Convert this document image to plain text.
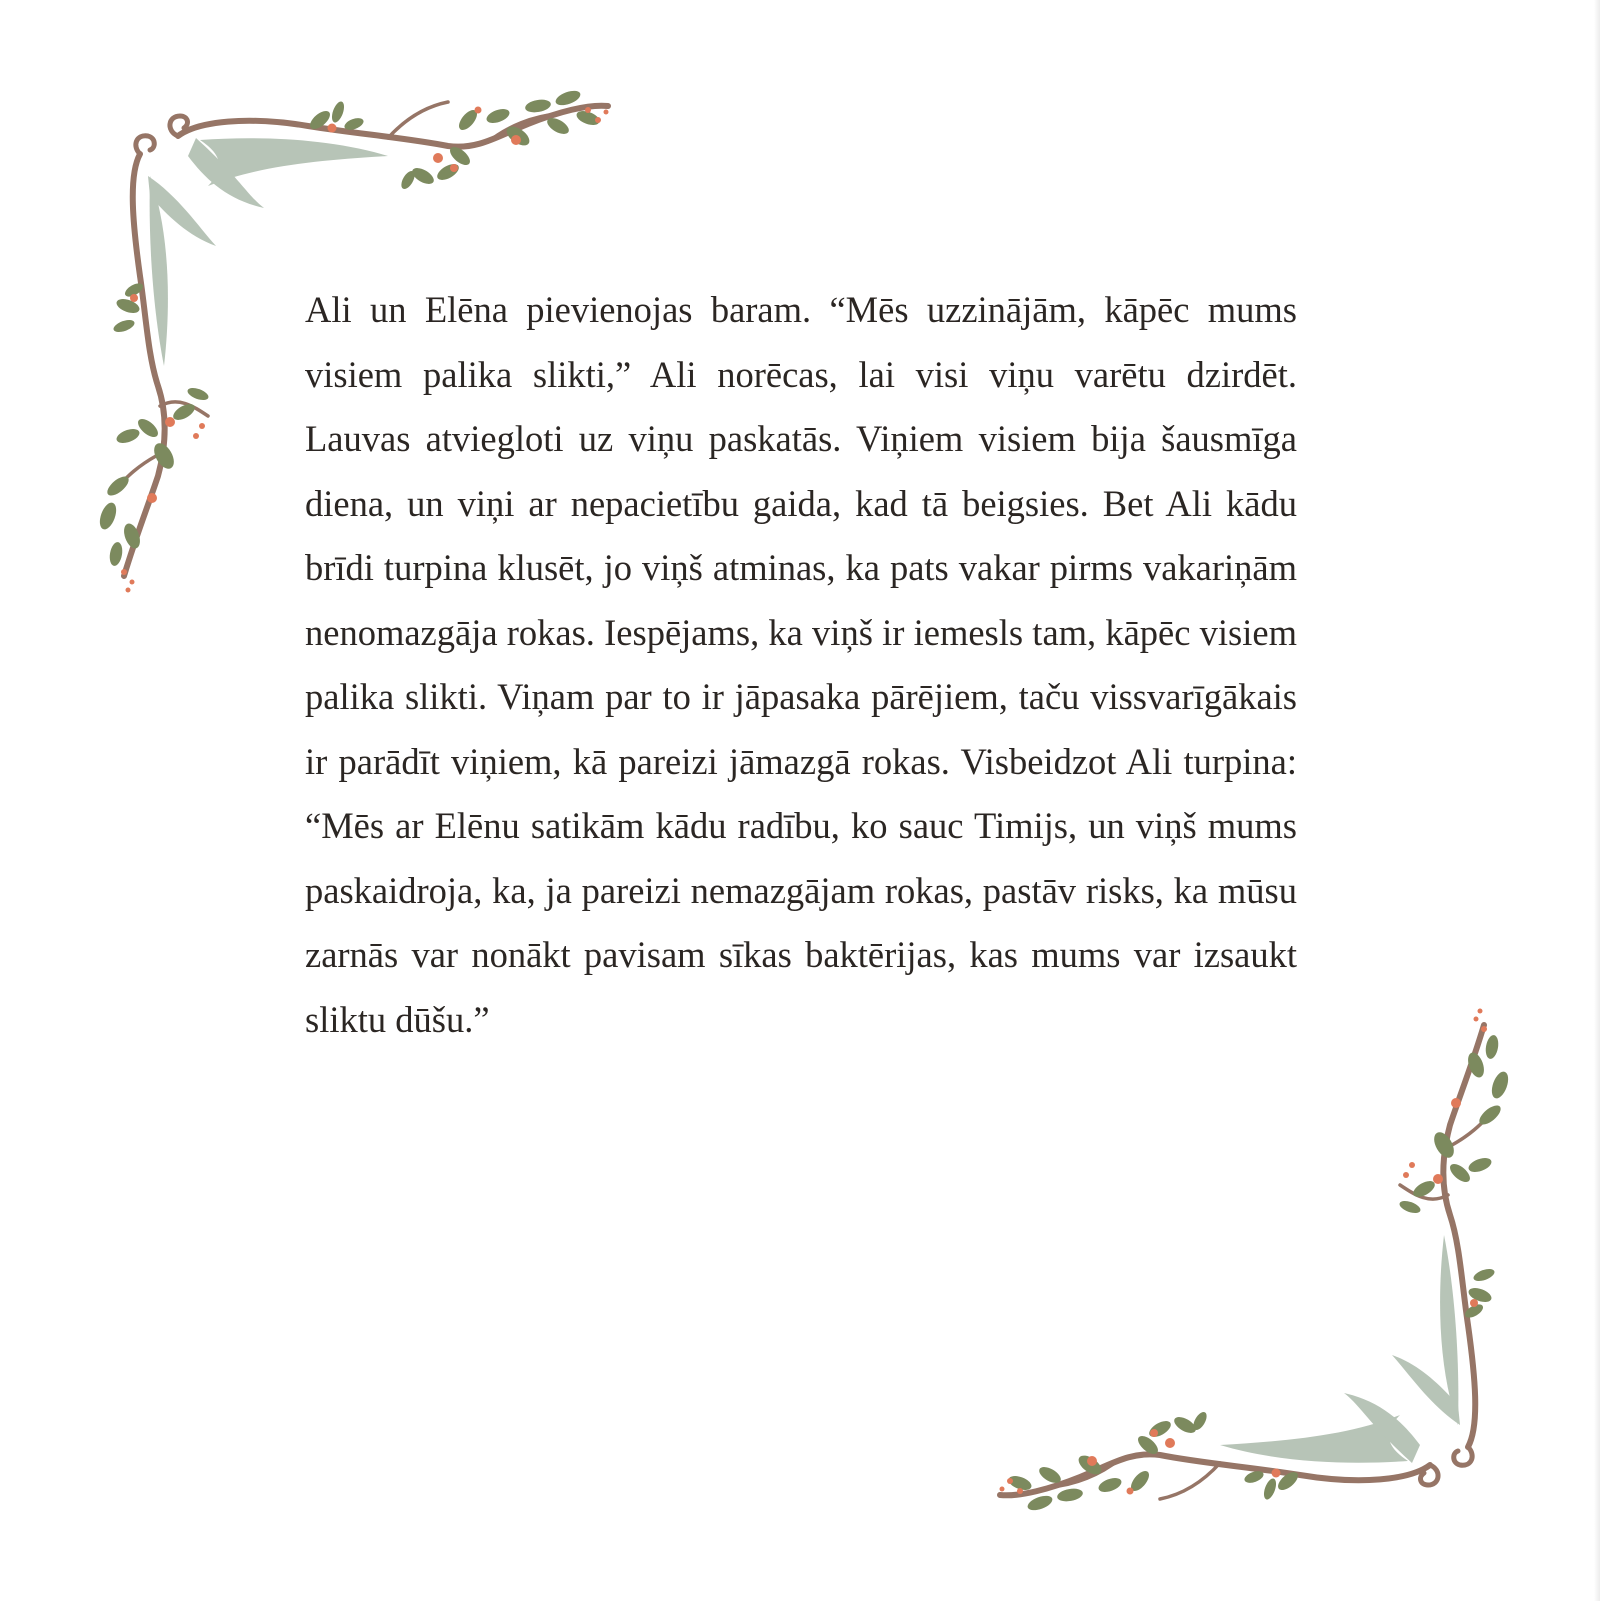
Ali un Elēna pievienojas baram. “Mēs uzzinājām, kāpēc mums visiem palika slikti,” Ali norēcas, lai visi viņu varētu dzirdēt. Lauvas atviegloti uz viņu paskatās. Viņiem visiem bija šausmīga diena, un viņi ar nepacietību gaida, kad tā beigsies. Bet Ali kādu brīdi turpina klusēt, jo viņš atminas, ka pats vakar pirms vakariņām nenomazgāja rokas. Iespējams, ka viņš ir iemesls tam, kāpēc visiem palika slikti. Viņam par to ir jāpasaka pārējiem, taču vissvarīgākais ir parādīt viņiem, kā pareizi jāmazgā rokas. Visbeidzot Ali turpina: “Mēs ar Elēnu satikām kādu radību, ko sauc Timijs, un viņš mums paskaidroja, ka, ja pareizi nemazgājam rokas, pastāv risks, ka mūsu zarnās var nonākt pavisam sīkas baktērijas, kas mums var izsaukt sliktu dūšu.”
